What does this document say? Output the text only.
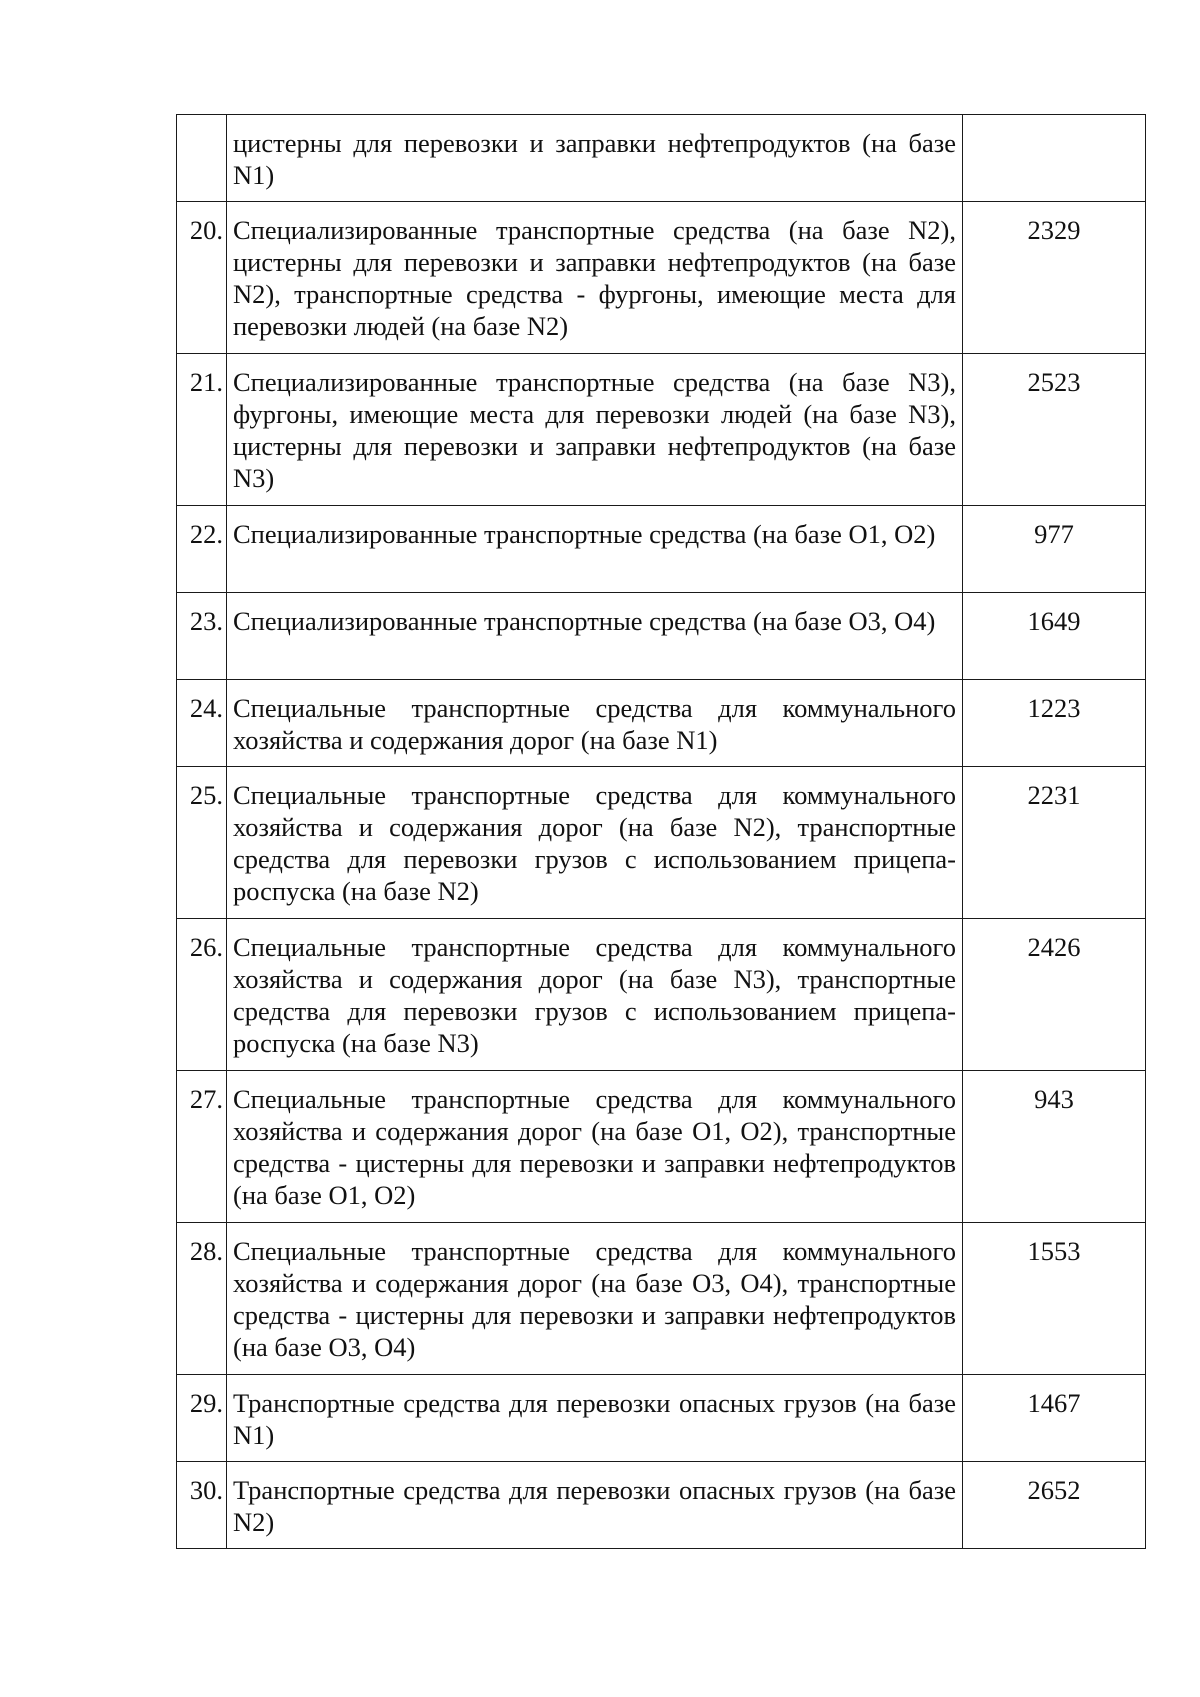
	цистерны для перевозки и заправки нефтепродуктов (на базе N1)	

20.	Специализированные транспортные средства (на базе N2), цистерны для перевозки и заправки нефтепродуктов (на базе N2), транспортные средства - фургоны, имеющие места для перевозки людей (на базе N2)	2329
21.	Специализированные транспортные средства (на базе N3), фургоны, имеющие места для перевозки людей (на базе N3), цистерны для перевозки и заправки нефтепродуктов (на базе N3)	2523
22.	Специализированные транспортные средства (на базе O1, O2)	977
23.	Специализированные транспортные средства (на базе O3, O4)	1649
24.	Специальные транспортные средства для коммунального хозяйства и содержания дорог (на базе N1)	1223
25.	Специальные транспортные средства для коммунального хозяйства и содержания дорог (на базе N2), транспортные средства для перевозки грузов с использованием прицепа-роспуска (на базе N2)	2231
26.	Специальные транспортные средства для коммунального хозяйства и содержания дорог (на базе N3), транспортные средства для перевозки грузов с использованием прицепа-роспуска (на базе N3)	2426
27.	Специальные транспортные средства для коммунального хозяйства и содержания дорог (на базе O1, O2), транспортные средства - цистерны для перевозки и заправки нефтепродуктов (на базе O1, O2)	943
28.	Специальные транспортные средства для коммунального хозяйства и содержания дорог (на базе O3, O4), транспортные средства - цистерны для перевозки и заправки нефтепродуктов (на базе O3, O4)	1553
29.	Транспортные средства для перевозки опасных грузов (на базе N1)	1467
30.	Транспортные средства для перевозки опасных грузов (на базе N2)	2652
